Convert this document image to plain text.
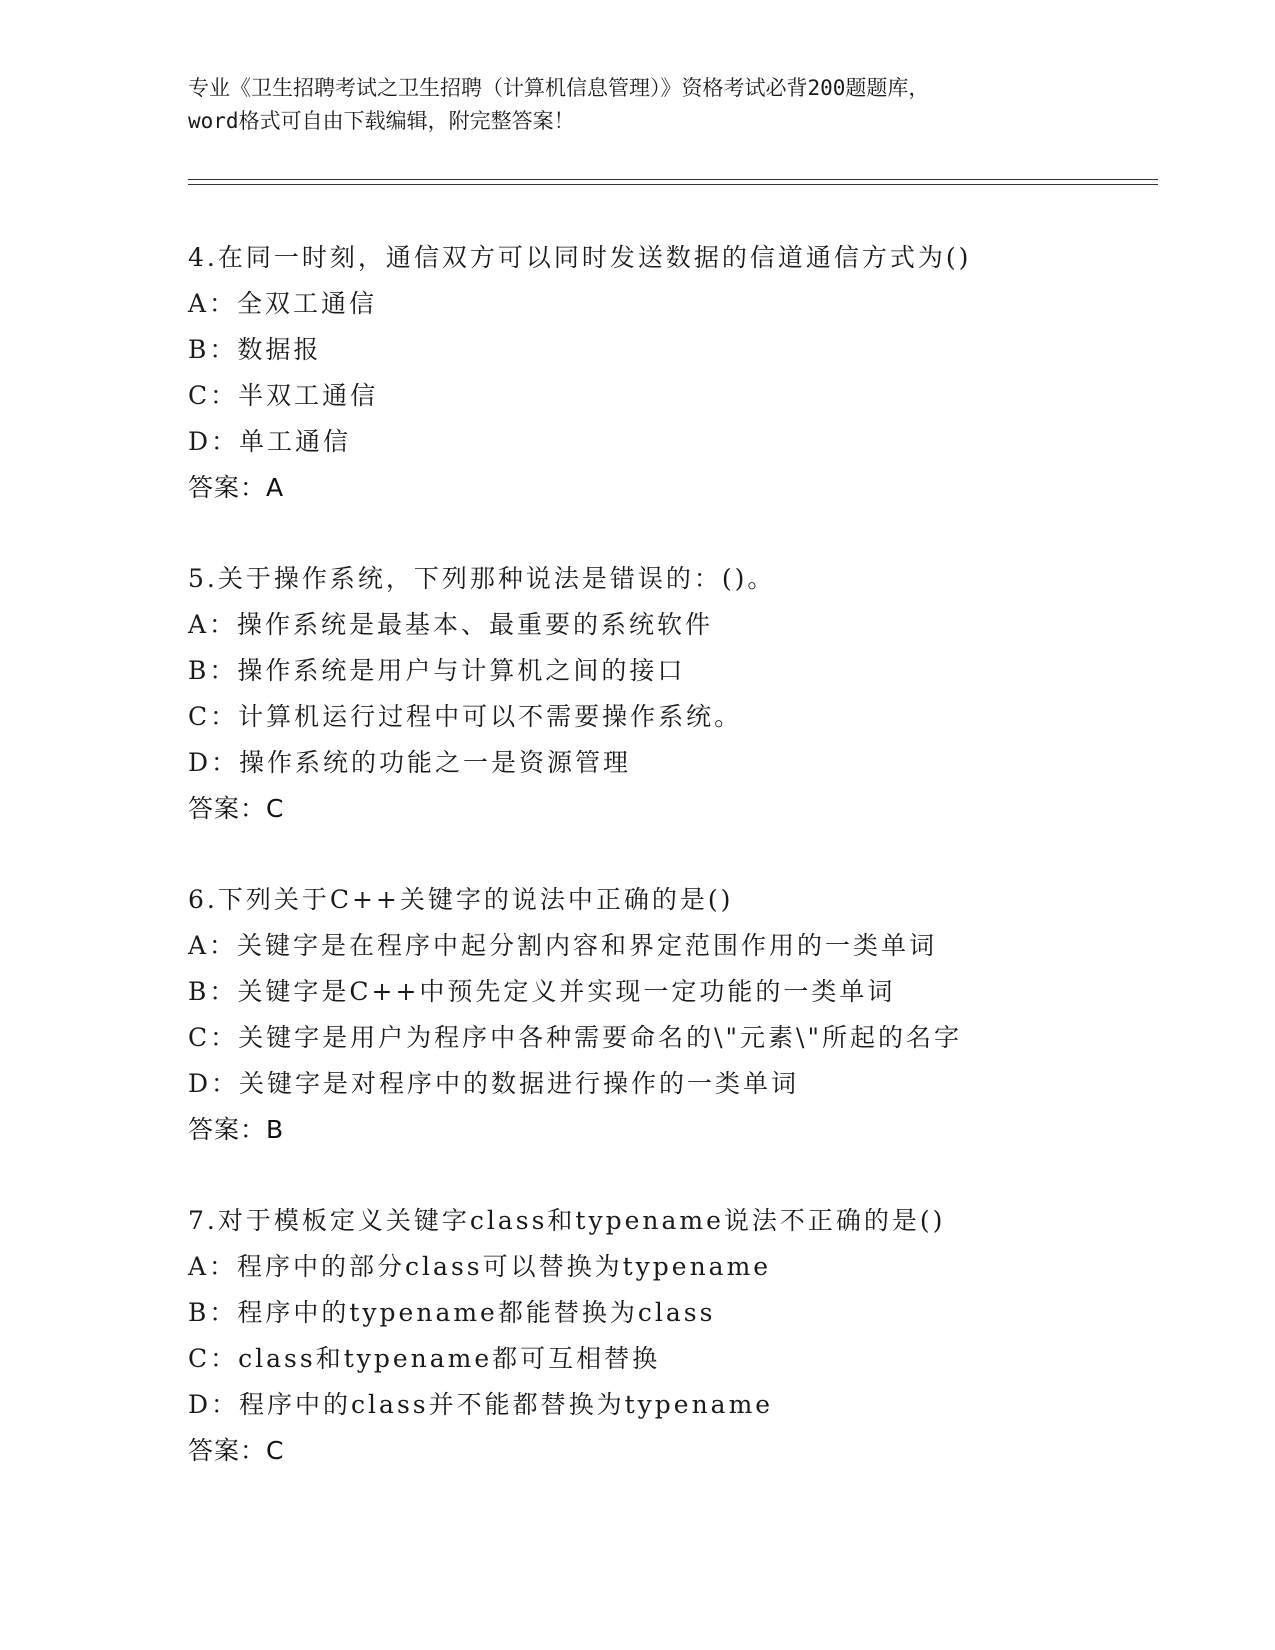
专业《卫生招聘考试之卫生招聘（计算机信息管理）》资格考试必背200题题库，
word格式可自由下载编辑，附完整答案！
4.在同一时刻，通信双方可以同时发送数据的信道通信方式为()
A：全双工通信
B：数据报
C：半双工通信
D：单工通信
答案：A
5.关于操作系统，下列那种说法是错误的：()。
A：操作系统是最基本、最重要的系统软件
B：操作系统是用户与计算机之间的接口
C：计算机运行过程中可以不需要操作系统。
D：操作系统的功能之一是资源管理
答案：C
6.下列关于C++关键字的说法中正确的是()
A：关键字是在程序中起分割内容和界定范围作用的一类单词
B：关键字是C++中预先定义并实现一定功能的一类单词
C：关键字是用户为程序中各种需要命名的\"元素\"所起的名字
D：关键字是对程序中的数据进行操作的一类单词
答案：B
7.对于模板定义关键字class和typename说法不正确的是()
A：程序中的部分class可以替换为typename
B：程序中的typename都能替换为class
C：class和typename都可互相替换
D：程序中的class并不能都替换为typename
答案：C
